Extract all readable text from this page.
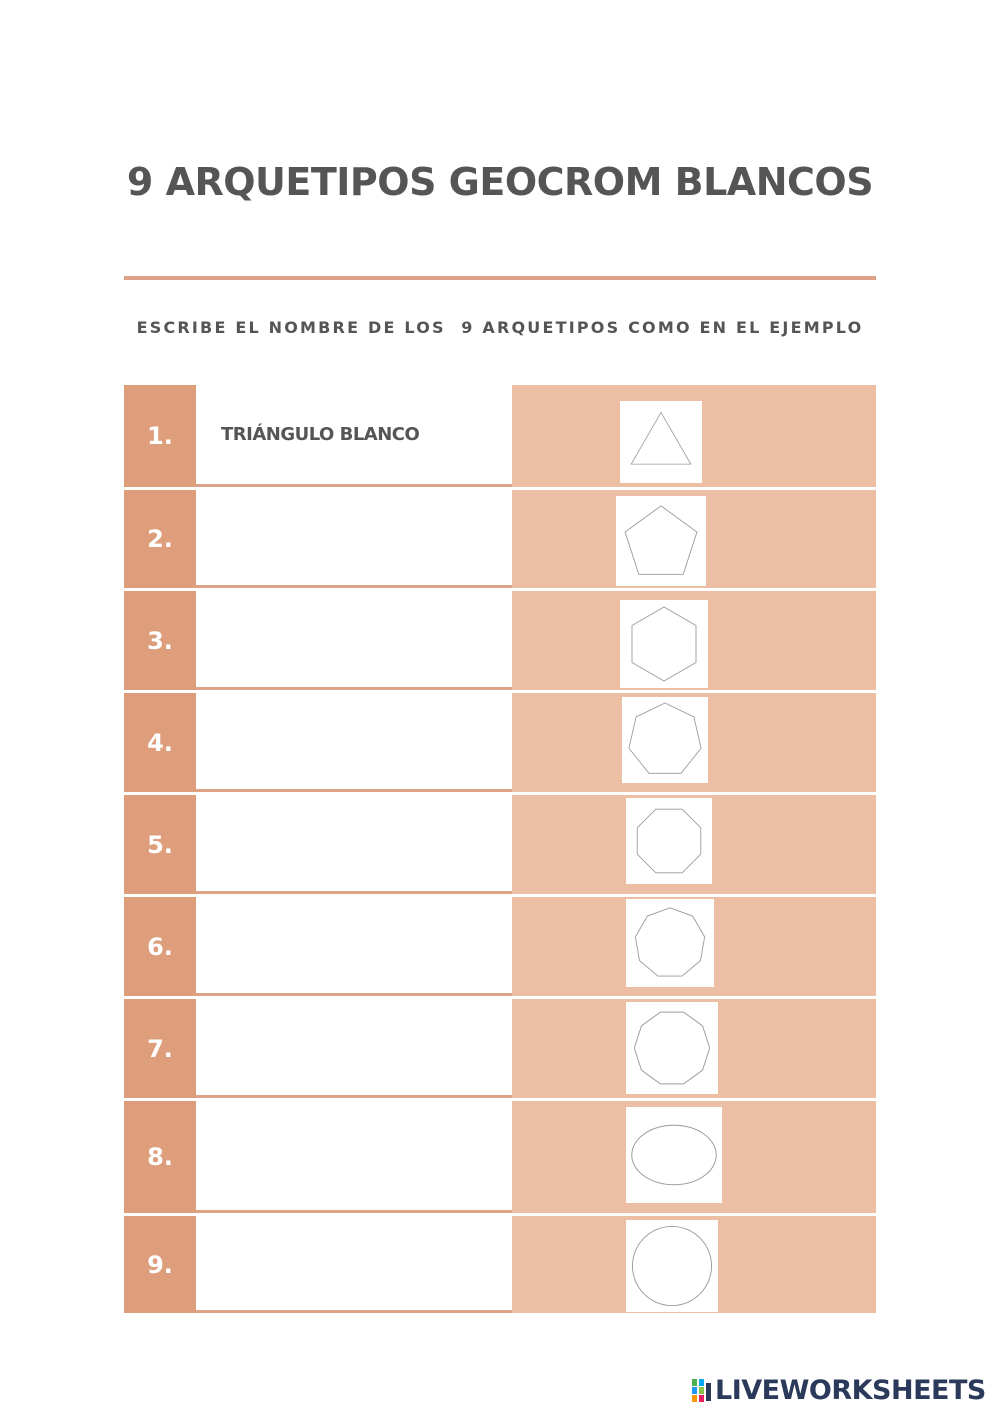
9 ARQUETIPOS GEOCROM BLANCOS
ESCRIBE EL NOMBRE DE LOS  9 ARQUETIPOS COMO EN EL EJEMPLO
1.	TRIÁNGULO BLANCO
2.
3.
4.
5.
6.
7.
8.
9.
LIVEWORKSHEETS
